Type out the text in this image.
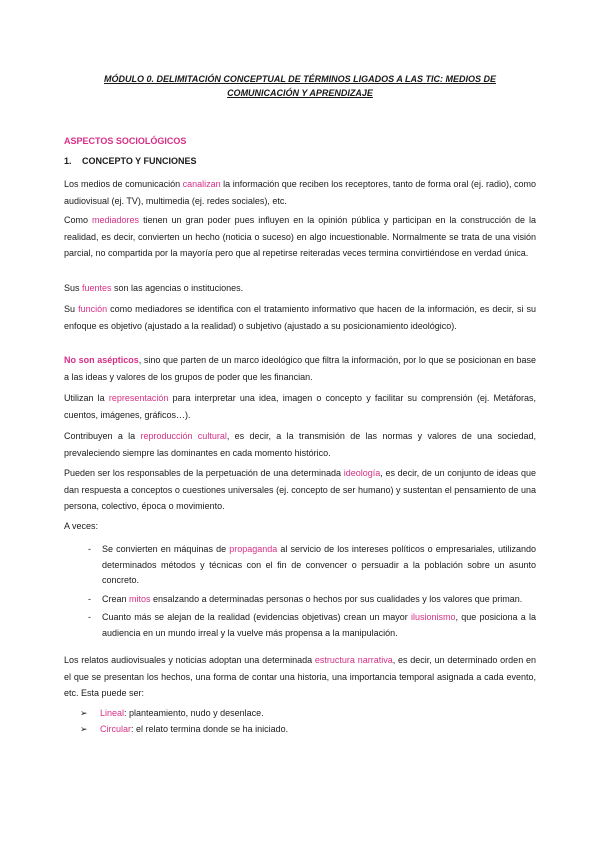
MÓDULO 0. DELIMITACIÓN CONCEPTUAL DE TÉRMINOS LIGADOS A LAS TIC: MEDIOS DE COMUNICACIÓN Y APRENDIZAJE
ASPECTOS SOCIOLÓGICOS
1. CONCEPTO Y FUNCIONES

Los medios de comunicación canalizan la información que reciben los receptores, tanto de forma oral (ej. radio), como audiovisual (ej. TV), multimedia (ej. redes sociales), etc.

Como mediadores tienen un gran poder pues influyen en la opinión pública y participan en la construcción de la realidad, es decir, convierten un hecho (noticia o suceso) en algo incuestionable. Normalmente se trata de una visión parcial, no compartida por la mayoría pero que al repetirse reiteradas veces termina convirtiéndose en verdad única.

Sus fuentes son las agencias o instituciones.

Su función como mediadores se identifica con el tratamiento informativo que hacen de la información, es decir, si su enfoque es objetivo (ajustado a la realidad) o subjetivo (ajustado a su posicionamiento ideológico).

No son asépticos, sino que parten de un marco ideológico que filtra la información, por lo que se posicionan en base a las ideas y valores de los grupos de poder que les financian.

Utilizan la representación para interpretar una idea, imagen o concepto y facilitar su comprensión (ej. Metáforas, cuentos, imágenes, gráficos…).

Contribuyen a la reproducción cultural, es decir, a la transmisión de las normas y valores de una sociedad, prevaleciendo siempre las dominantes en cada momento histórico.

Pueden ser los responsables de la perpetuación de una determinada ideología, es decir, de un conjunto de ideas que dan respuesta a conceptos o cuestiones universales (ej. concepto de ser humano) y sustentan el pensamiento de una persona, colectivo, época o movimiento.

A veces:

- Se convierten en máquinas de propaganda al servicio de los intereses políticos o empresariales, utilizando determinados métodos y técnicas con el fin de convencer o persuadir a la población sobre un asunto concreto.
- Crean mitos ensalzando a determinadas personas o hechos por sus cualidades y los valores que priman.
- Cuanto más se alejan de la realidad (evidencias objetivas) crean un mayor ilusionismo, que posiciona a la audiencia en un mundo irreal y la vuelve más propensa a la manipulación.

Los relatos audiovisuales y noticias adoptan una determinada estructura narrativa, es decir, un determinado orden en el que se presentan los hechos, una forma de contar una historia, una importancia temporal asignada a cada evento, etc. Esta puede ser:

➢ Lineal: planteamiento, nudo y desenlace.
➢ Circular: el relato termina donde se ha iniciado.
